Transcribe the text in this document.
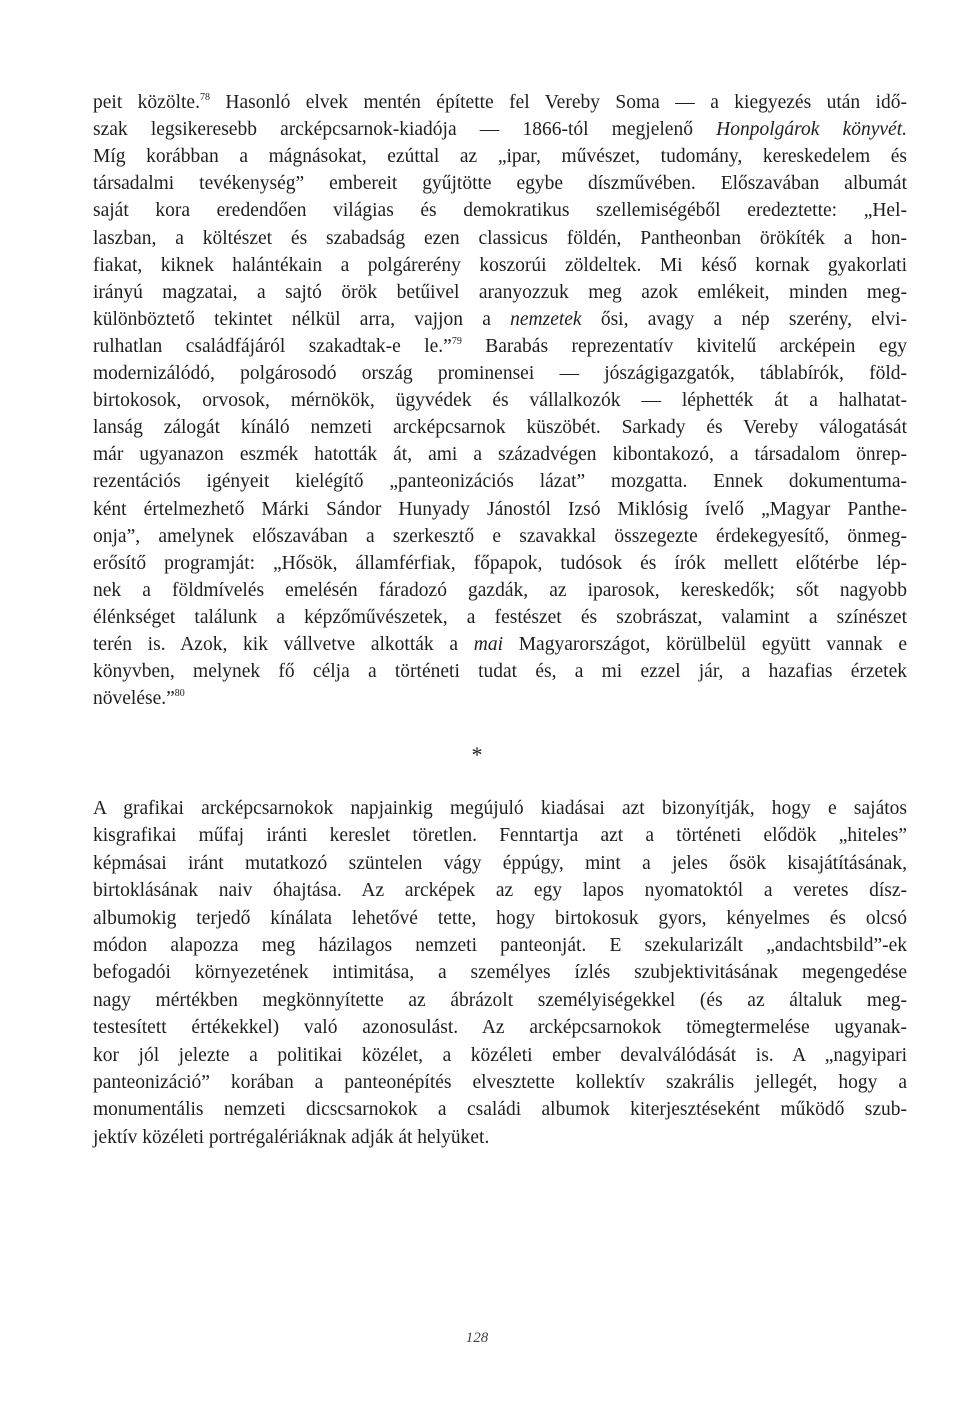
peit közölte.$^{78}$ Hasonló elvek mentén építette fel Vereby Soma — a kiegyezés után idő-
szak legsikeresebb arcképcsarnok-kiadója — 1866-tól megjelenő Honpolgárok könyvét.
Míg korábban a mágnásokat, ezúttal az „ipar, művészet, tudomány, kereskedelem és
társadalmi tevékenység” embereit gyűjtötte egybe díszművében. Előszavában albumát
saját kora eredendően világias és demokratikus szellemiségéből eredeztette: „Hel-
laszban, a költészet és szabadság ezen classicus földén, Pantheonban örökíték a hon-
fiakat, kiknek halántékain a polgárerény koszorúi zöldeltek. Mi késő kornak gyakorlati
irányú magzatai, a sajtó örök betűivel aranyozzuk meg azok emlékeit, minden meg-
különböztető tekintet nélkül arra, vajjon a nemzetek ősi, avagy a nép szerény, elvi-
rulhatlan családfájáról szakadtak-e le.”$^{79}$ Barabás reprezentatív kivitelű arcképein egy
modernizálódó, polgárosodó ország prominensei — jószágigazgatók, táblabírók, föld-
birtokosok, orvosok, mérnökök, ügyvédek és vállalkozók — léphették át a halhatat-
lanság zálogát kínáló nemzeti arcképcsarnok küszöbét. Sarkady és Vereby válogatását
már ugyanazon eszmék hatották át, ami a századvégen kibontakozó, a társadalom önrep-
rezentációs igényeit kielégítő „panteonizációs lázat” mozgatta. Ennek dokumentuma-
ként értelmezhető Márki Sándor Hunyady Jánostól Izsó Miklósig ívelő „Magyar Panthe-
onja”, amelynek előszavában a szerkesztő e szavakkal összegezte érdekegyesítő, önmeg-
erősítő programját: „Hősök, államférfiak, főpapok, tudósok és írók mellett előtérbe lép-
nek a földmívelés emelésén fáradozó gazdák, az iparosok, kereskedők; sőt nagyobb
élénkséget találunk a képzőművészetek, a festészet és szobrászat, valamint a színészet
terén is. Azok, kik vállvetve alkották a mai Magyarországot, körülbelül együtt vannak e
könyvben, melynek fő célja a történeti tudat és, a mi ezzel jár, a hazafias érzetek
növelése.”$^{80}$
*
A grafikai arcképcsarnokok napjainkig megújuló kiadásai azt bizonyítják, hogy e sajátos
kisgrafikai műfaj iránti kereslet töretlen. Fenntartja azt a történeti elődök „hiteles”
képmásai iránt mutatkozó szüntelen vágy éppúgy, mint a jeles ősök kisajátításának,
birtoklásának naiv óhajtása. Az arcképek az egy lapos nyomatoktól a veretes dísz-
albumokig terjedő kínálata lehetővé tette, hogy birtokosuk gyors, kényelmes és olcsó
módon alapozza meg házilagos nemzeti panteonját. E szekularizált „andachtsbild”-ek
befogadói környezetének intimitása, a személyes ízlés szubjektivitásának megengedése
nagy mértékben megkönnyítette az ábrázolt személyiségekkel (és az általuk meg-
testesített értékekkel) való azonosulást. Az arcképcsarnokok tömegtermelése ugyanak-
kor jól jelezte a politikai közélet, a közéleti ember devalválódását is. A „nagyipari
panteonizáció” korában a panteonépítés elvesztette kollektív szakrális jellegét, hogy a
monumentális nemzeti dicscsarnokok a családi albumok kiterjesztéseként működő szub-
jektív közéleti portrégalériáknak adják át helyüket.
128
